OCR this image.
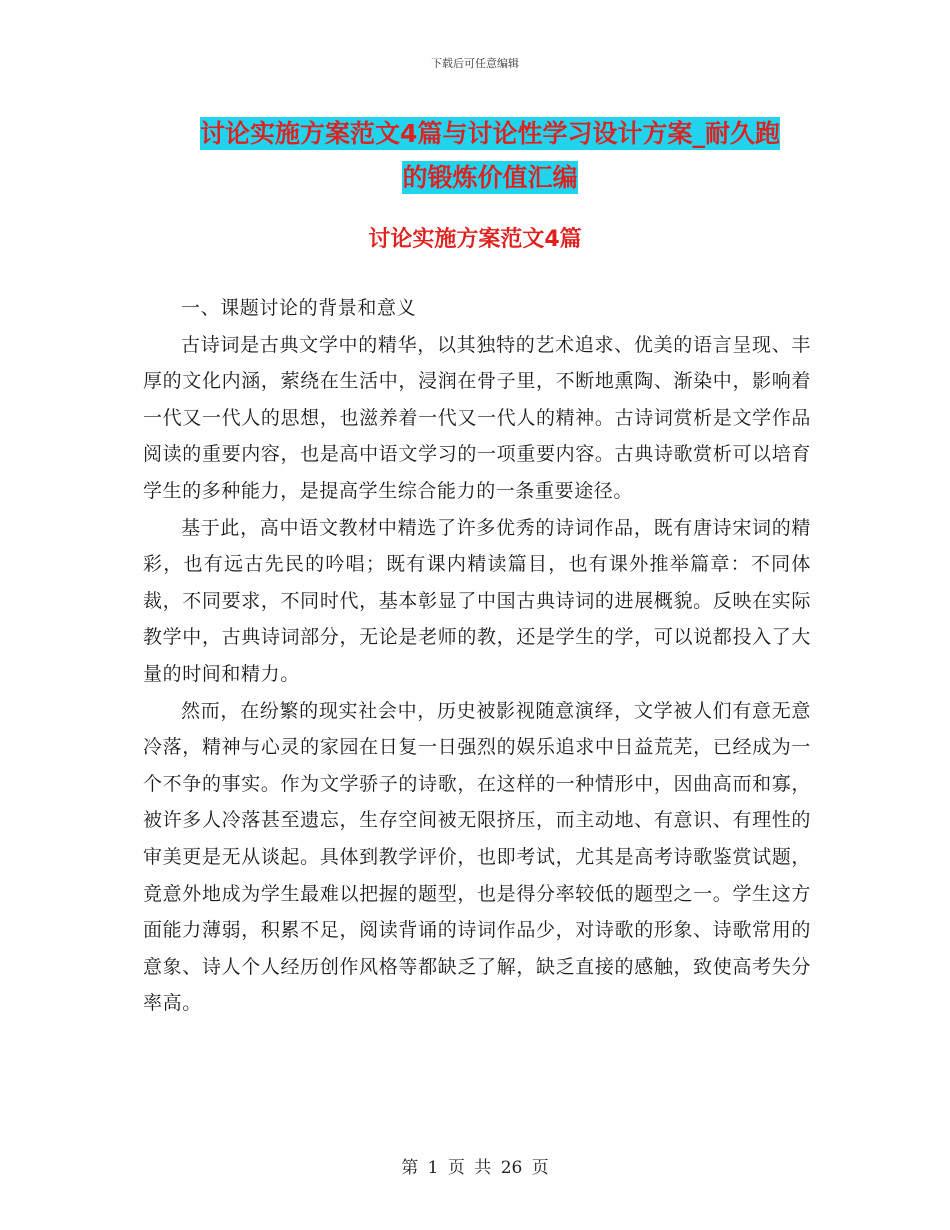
下载后可任意编辑
讨论实施方案范文4篇与讨论性学习设计方案_耐久跑
的锻炼价值汇编
讨论实施方案范文4篇

一、课题讨论的背景和意义

古诗词是古典文学中的精华，以其独特的艺术追求、优美的语言呈现、丰厚的文化内涵，萦绕在生活中，浸润在骨子里，不断地熏陶、渐染中，影响着一代又一代人的思想，也滋养着一代又一代人的精神。古诗词赏析是文学作品阅读的重要内容，也是高中语文学习的一项重要内容。古典诗歌赏析可以培育学生的多种能力，是提高学生综合能力的一条重要途径。

基于此，高中语文教材中精选了许多优秀的诗词作品，既有唐诗宋词的精彩，也有远古先民的吟唱；既有课内精读篇目，也有课外推举篇章：不同体裁，不同要求，不同时代，基本彰显了中国古典诗词的进展概貌。反映在实际教学中，古典诗词部分，无论是老师的教，还是学生的学，可以说都投入了大量的时间和精力。

然而，在纷繁的现实社会中，历史被影视随意演绎，文学被人们有意无意冷落，精神与心灵的家园在日复一日强烈的娱乐追求中日益荒芜，已经成为一个不争的事实。作为文学骄子的诗歌，在这样的一种情形中，因曲高而和寡，被许多人冷落甚至遗忘，生存空间被无限挤压，而主动地、有意识、有理性的审美更是无从谈起。具体到教学评价，也即考试，尤其是高考诗歌鉴赏试题，竟意外地成为学生最难以把握的题型，也是得分率较低的题型之一。学生这方面能力薄弱，积累不足，阅读背诵的诗词作品少，对诗歌的形象、诗歌常用的意象、诗人个人经历创作风格等都缺乏了解，缺乏直接的感触，致使高考失分率高。

第 1 页 共 26 页
